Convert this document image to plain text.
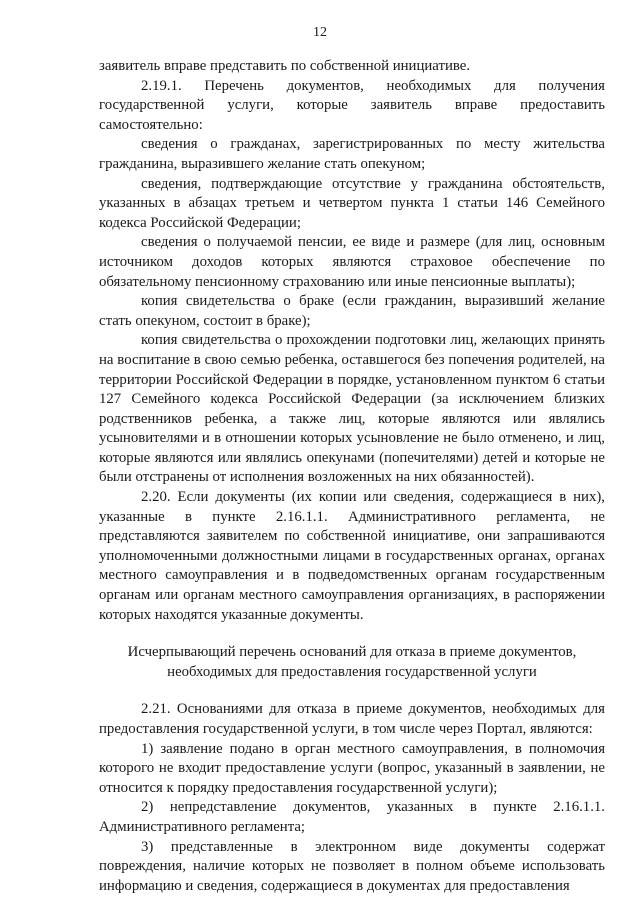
12

заявитель вправе представить по собственной инициативе.

2.19.1. Перечень документов, необходимых для получения государственной услуги, которые заявитель вправе предоставить самостоятельно:

сведения о гражданах, зарегистрированных по месту жительства гражданина, выразившего желание стать опекуном;

сведения, подтверждающие отсутствие у гражданина обстоятельств, указанных в абзацах третьем и четвертом пункта 1 статьи 146 Семейного кодекса Российской Федерации;

сведения о получаемой пенсии, ее виде и размере (для лиц, основным источником доходов которых являются страховое обеспечение по обязательному пенсионному страхованию или иные пенсионные выплаты);

копия свидетельства о браке (если гражданин, выразивший желание стать опекуном, состоит в браке);

копия свидетельства о прохождении подготовки лиц, желающих принять на воспитание в свою семью ребенка, оставшегося без попечения родителей, на территории Российской Федерации в порядке, установленном пунктом 6 статьи 127 Семейного кодекса Российской Федерации (за исключением близких родственников ребенка, а также лиц, которые являются или являлись усыновителями и в отношении которых усыновление не было отменено, и лиц, которые являются или являлись опекунами (попечителями) детей и которые не были отстранены от исполнения возложенных на них обязанностей).

2.20. Если документы (их копии или сведения, содержащиеся в них), указанные в пункте 2.16.1.1. Административного регламента, не представляются заявителем по собственной инициативе, они запрашиваются уполномоченными должностными лицами в государственных органах, органах местного самоуправления и в подведомственных органам государственным органам или органам местного самоуправления организациях, в распоряжении которых находятся указанные документы.

Исчерпывающий перечень оснований для отказа в приеме документов,
необходимых для предоставления государственной услуги

2.21. Основаниями для отказа в приеме документов, необходимых для предоставления государственной услуги, в том числе через Портал, являются:

1) заявление подано в орган местного самоуправления, в полномочия которого не входит предоставление услуги (вопрос, указанный в заявлении, не относится к порядку предоставления государственной услуги);

2) непредставление документов, указанных в пункте 2.16.1.1. Административного регламента;

3) представленные в электронном виде документы содержат повреждения, наличие которых не позволяет в полном объеме использовать информацию и сведения, содержащиеся в документах для предоставления
